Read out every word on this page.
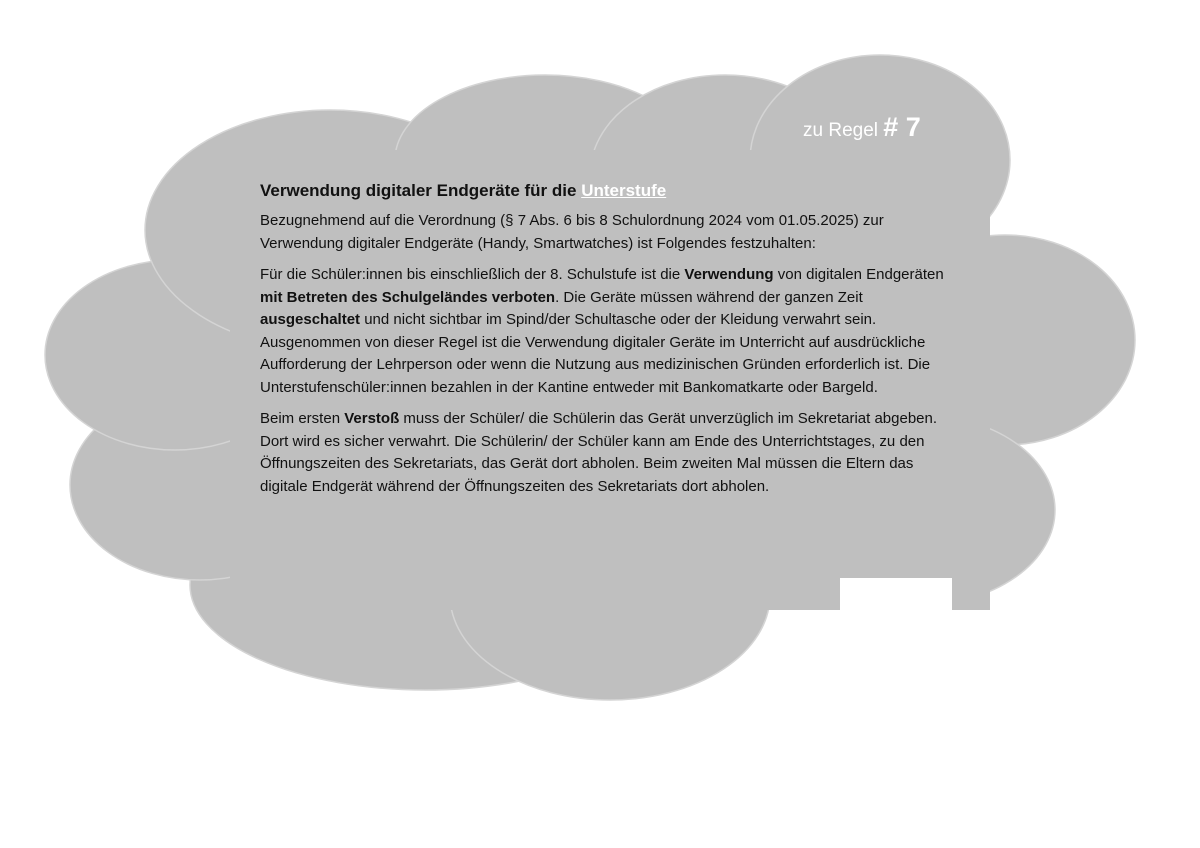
zu Regel # 7
Verwendung digitaler Endgeräte für die Unterstufe

Bezugnehmend auf die Verordnung (§ 7 Abs. 6 bis 8 Schulordnung 2024 vom 01.05.2025) zur Verwendung digitaler Endgeräte (Handy, Smartwatches) ist Folgendes festzuhalten:

Für die Schüler:innen bis einschließlich der 8. Schulstufe ist die Verwendung von digitalen Endgeräten mit Betreten des Schulgeländes verboten. Die Geräte müssen während der ganzen Zeit ausgeschaltet und nicht sichtbar im Spind/der Schultasche oder der Kleidung verwahrt sein. Ausgenommen von dieser Regel ist die Verwendung digitaler Geräte im Unterricht auf ausdrückliche Aufforderung der Lehrperson oder wenn die Nutzung aus medizinischen Gründen erforderlich ist. Die Unterstufenschüler:innen bezahlen in der Kantine entweder mit Bankomatkarte oder Bargeld.

Beim ersten Verstoß muss der Schüler/ die Schülerin das Gerät unverzüglich im Sekretariat abgeben. Dort wird es sicher verwahrt. Die Schülerin/ der Schüler kann am Ende des Unterrichtstages, zu den Öffnungszeiten des Sekretariats, das Gerät dort abholen. Beim zweiten Mal müssen die Eltern das digitale Endgerät während der Öffnungszeiten des Sekretariats dort abholen.
